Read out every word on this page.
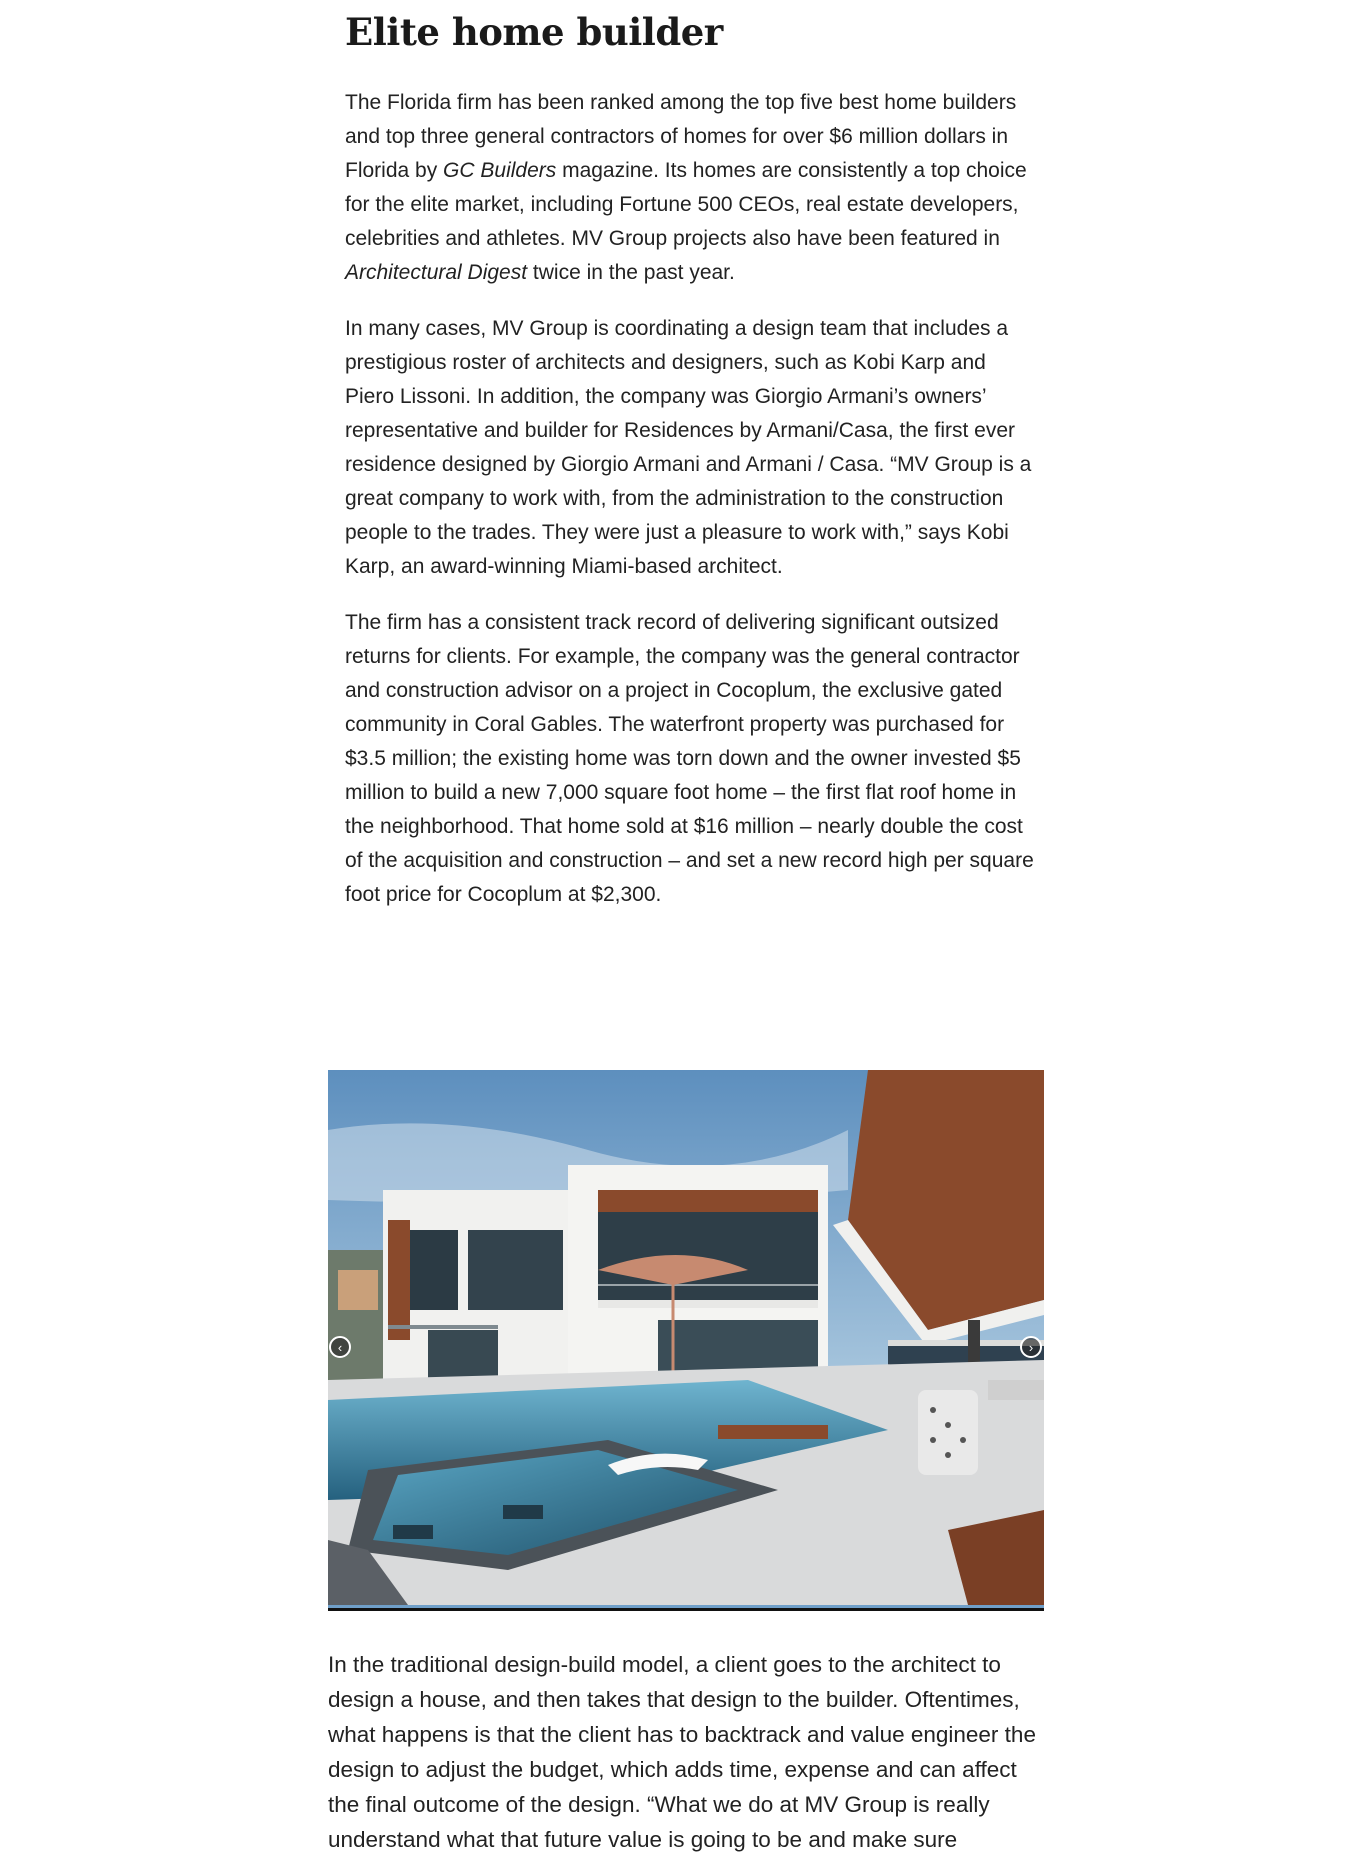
Elite home builder

The Florida firm has been ranked among the top five best home builders and top three general contractors of homes for over $6 million dollars in Florida by GC Builders magazine. Its homes are consistently a top choice for the elite market, including Fortune 500 CEOs, real estate developers, celebrities and athletes. MV Group projects also have been featured in Architectural Digest twice in the past year.

In many cases, MV Group is coordinating a design team that includes a prestigious roster of architects and designers, such as Kobi Karp and Piero Lissoni. In addition, the company was Giorgio Armani’s owners’ representative and builder for Residences by Armani/Casa, the first ever residence designed by Giorgio Armani and Armani / Casa. “MV Group is a great company to work with, from the administration to the construction people to the trades. They were just a pleasure to work with,” says Kobi Karp, an award-winning Miami-based architect.

The firm has a consistent track record of delivering significant outsized returns for clients. For example, the company was the general contractor and construction advisor on a project in Cocoplum, the exclusive gated community in Coral Gables. The waterfront property was purchased for $3.5 million; the existing home was torn down and the owner invested $5 million to build a new 7,000 square foot home – the first flat roof home in the neighborhood. That home sold at $16 million – nearly double the cost of the acquisition and construction – and set a new record high per square foot price for Cocoplum at $2,300.

‹	›

In the traditional design-build model, a client goes to the architect to design a house, and then takes that design to the builder. Oftentimes, what happens is that the client has to backtrack and value engineer the design to adjust the budget, which adds time, expense and can affect the final outcome of the design. “What we do at MV Group is really understand what that future value is going to be and make sure
